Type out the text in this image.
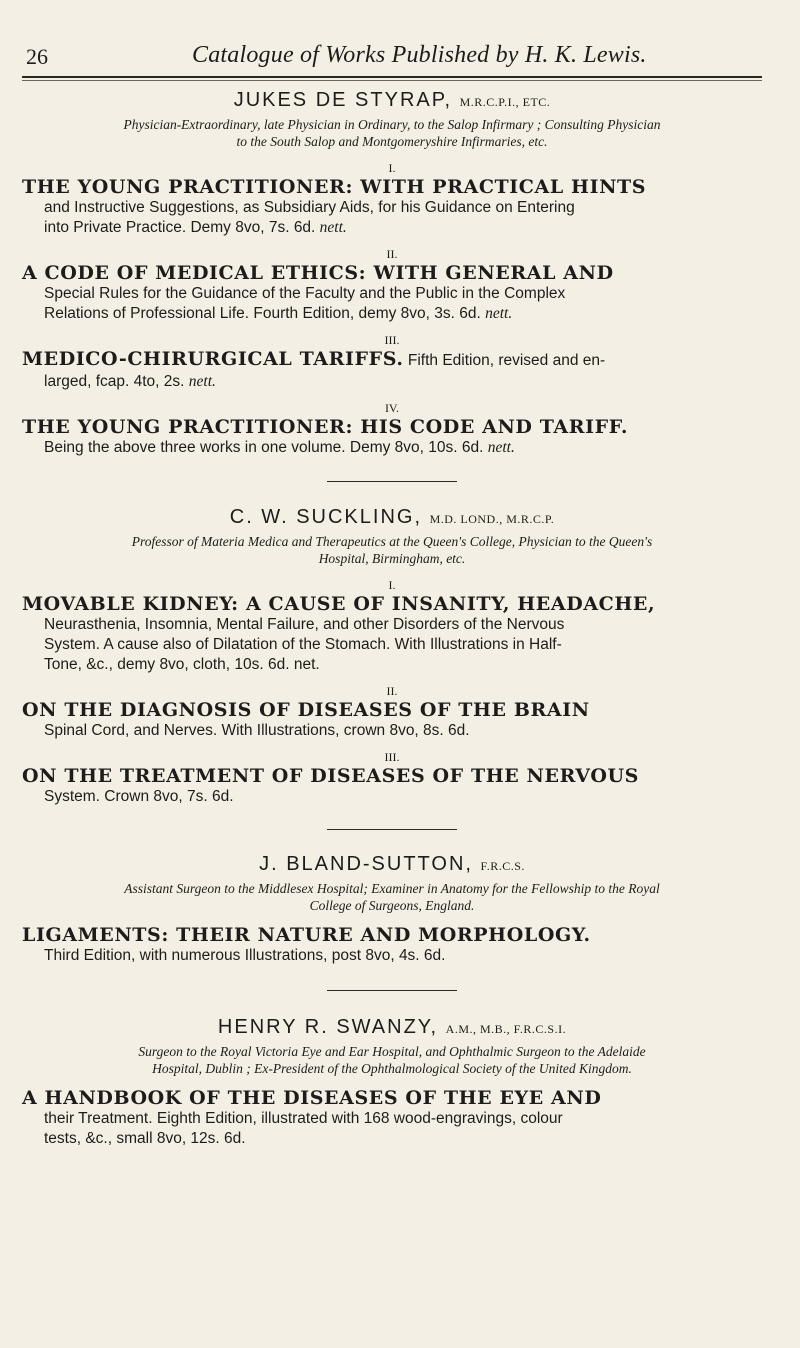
26	Catalogue of Works Published by H. K. Lewis.

JUKES DE STYRAP, M.R.C.P.I., ETC.

Physician-Extraordinary, late Physician in Ordinary, to the Salop Infirmary ; Consulting Physician
to the South Salop and Montgomeryshire Infirmaries, etc.

I.

THE YOUNG PRACTITIONER: WITH PRACTICAL HINTS

and Instructive Suggestions, as Subsidiary Aids, for his Guidance on Entering
into Private Practice. Demy 8vo, 7s. 6d. nett.

II.

A CODE OF MEDICAL ETHICS: WITH GENERAL AND

Special Rules for the Guidance of the Faculty and the Public in the Complex
Relations of Professional Life. Fourth Edition, demy 8vo, 3s. 6d. nett.

III.

MEDICO-CHIRURGICAL TARIFFS. Fifth Edition, revised and en-

larged, fcap. 4to, 2s. nett.

IV.

THE YOUNG PRACTITIONER: HIS CODE AND TARIFF.

Being the above three works in one volume. Demy 8vo, 10s. 6d. nett.

C. W. SUCKLING, M.D. LOND., M.R.C.P.

Professor of Materia Medica and Therapeutics at the Queen's College, Physician to the Queen's
Hospital, Birmingham, etc.

I.

MOVABLE KIDNEY: A CAUSE OF INSANITY, HEADACHE,

Neurasthenia, Insomnia, Mental Failure, and other Disorders of the Nervous
System. A cause also of Dilatation of the Stomach. With Illustrations in Half-
Tone, &c., demy 8vo, cloth, 10s. 6d. net.

II.

ON THE DIAGNOSIS OF DISEASES OF THE BRAIN

Spinal Cord, and Nerves. With Illustrations, crown 8vo, 8s. 6d.

III.

ON THE TREATMENT OF DISEASES OF THE NERVOUS

System. Crown 8vo, 7s. 6d.

J. BLAND-SUTTON, F.R.C.S.

Assistant Surgeon to the Middlesex Hospital; Examiner in Anatomy for the Fellowship to the Royal
College of Surgeons, England.

LIGAMENTS: THEIR NATURE AND MORPHOLOGY.

Third Edition, with numerous Illustrations, post 8vo, 4s. 6d.

HENRY R. SWANZY, A.M., M.B., F.R.C.S.I.

Surgeon to the Royal Victoria Eye and Ear Hospital, and Ophthalmic Surgeon to the Adelaide
Hospital, Dublin ; Ex-President of the Ophthalmological Society of the United Kingdom.

A HANDBOOK OF THE DISEASES OF THE EYE AND

their Treatment. Eighth Edition, illustrated with 168 wood-engravings, colour
tests, &c., small 8vo, 12s. 6d.
